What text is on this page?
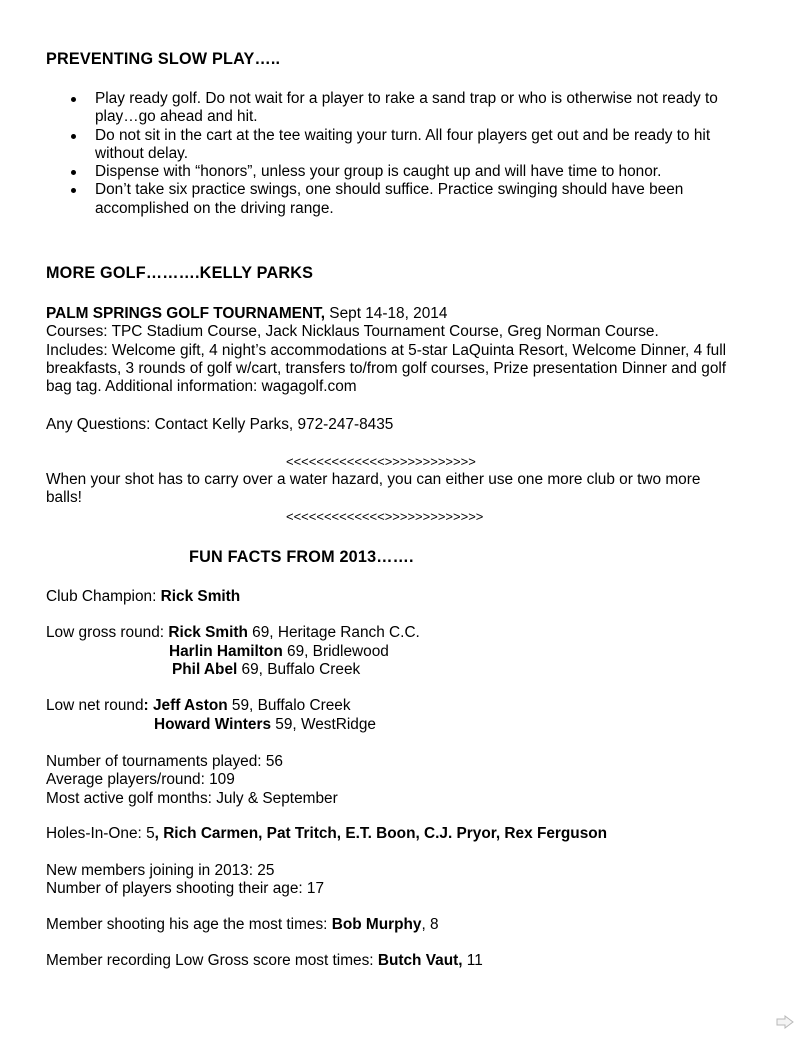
PREVENTING SLOW PLAY…..
Play ready golf. Do not wait for a player to rake a sand trap or who is otherwise not ready to
play…go ahead and hit.
Do not sit in the cart at the tee waiting your turn. All four players get out and be ready to hit
without delay.
Dispense with “honors”, unless your group is caught up and will have time to honor.
Don’t take six practice swings, one should suffice. Practice swinging should have been
accomplished on the driving range.
MORE GOLF……….KELLY PARKS
PALM SPRINGS GOLF TOURNAMENT, Sept 14-18, 2014
Courses: TPC Stadium Course, Jack Nicklaus Tournament Course, Greg Norman Course.
Includes: Welcome gift, 4 night’s accommodations at 5-star LaQuinta Resort, Welcome Dinner, 4 full
breakfasts, 3 rounds of golf w/cart, transfers to/from golf courses, Prize presentation Dinner and golf
bag tag. Additional information: wagagolf.com
Any Questions: Contact Kelly Parks, 972-247-8435
<<<<<<<<<<<<<>>>>>>>>>>>>
When your shot has to carry over a water hazard, you can either use one more club or two more
balls!
<<<<<<<<<<<<<>>>>>>>>>>>>>
FUN FACTS FROM 2013…….
Club Champion: Rick Smith
Low gross round: Rick Smith 69, Heritage Ranch C.C.
Harlin Hamilton 69, Bridlewood
Phil Abel 69, Buffalo Creek
Low net round: Jeff Aston 59, Buffalo Creek
Howard Winters 59, WestRidge
Number of tournaments played: 56
Average players/round: 109
Most active golf months: July & September
Holes-In-One: 5, Rich Carmen, Pat Tritch, E.T. Boon, C.J. Pryor, Rex Ferguson
New members joining in 2013: 25
Number of players shooting their age: 17
Member shooting his age the most times: Bob Murphy, 8
Member recording Low Gross score most times: Butch Vaut, 11
